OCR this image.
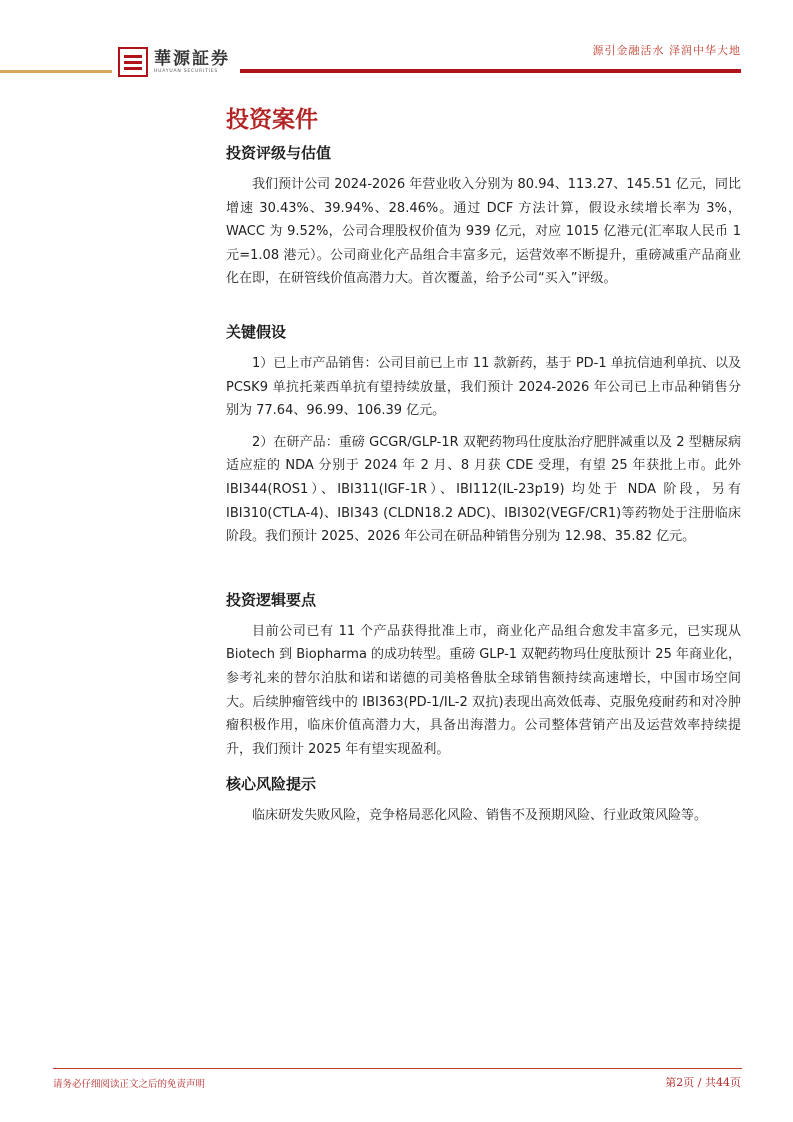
華源証券
HUAYUAN SECURITIES
源引金融活水 泽润中华大地
投资案件
投资评级与估值

我们预计公司 2024-2026 年营业收入分别为 80.94、113.27、145.51 亿元，同比增速 30.43%、39.94%、28.46%。通过 DCF 方法计算，假设永续增长率为 3%，WACC 为 9.52%，公司合理股权价值为 939 亿元，对应 1015 亿港元(汇率取人民币 1 元=1.08 港元）。公司商业化产品组合丰富多元，运营效率不断提升，重磅减重产品商业化在即，在研管线价值高潜力大。首次覆盖，给予公司“买入”评级。

关键假设

1）已上市产品销售：公司目前已上市 11 款新药，基于 PD-1 单抗信迪利单抗、以及 PCSK9 单抗托莱西单抗有望持续放量，我们预计 2024-2026 年公司已上市品种销售分别为 77.64、96.99、106.39 亿元。

2）在研产品：重磅 GCGR/GLP-1R 双靶药物玛仕度肽治疗肥胖减重以及 2 型糖尿病适应症的 NDA 分别于 2024 年 2 月、8 月获 CDE 受理，有望 25 年获批上市。此外 IBI344(ROS1）、IBI311(IGF-1R）、IBI112(IL-23p19) 均处于 NDA 阶段，另有 IBI310(CTLA-4)、IBI343 (CLDN18.2 ADC)、IBI302(VEGF/CR1)等药物处于注册临床阶段。我们预计 2025、2026 年公司在研品种销售分别为 12.98、35.82 亿元。

投资逻辑要点

目前公司已有 11 个产品获得批准上市，商业化产品组合愈发丰富多元，已实现从 Biotech 到 Biopharma 的成功转型。重磅 GLP-1 双靶药物玛仕度肽预计 25 年商业化，参考礼来的替尔泊肽和诺和诺德的司美格鲁肽全球销售额持续高速增长，中国市场空间大。后续肿瘤管线中的 IBI363(PD-1/IL-2 双抗)表现出高效低毒、克服免疫耐药和对冷肿瘤积极作用，临床价值高潜力大，具备出海潜力。公司整体营销产出及运营效率持续提升，我们预计 2025 年有望实现盈利。

核心风险提示

临床研发失败风险，竞争格局恶化风险、销售不及预期风险、行业政策风险等。

请务必仔细阅读正文之后的免责声明	第2页 / 共44页
